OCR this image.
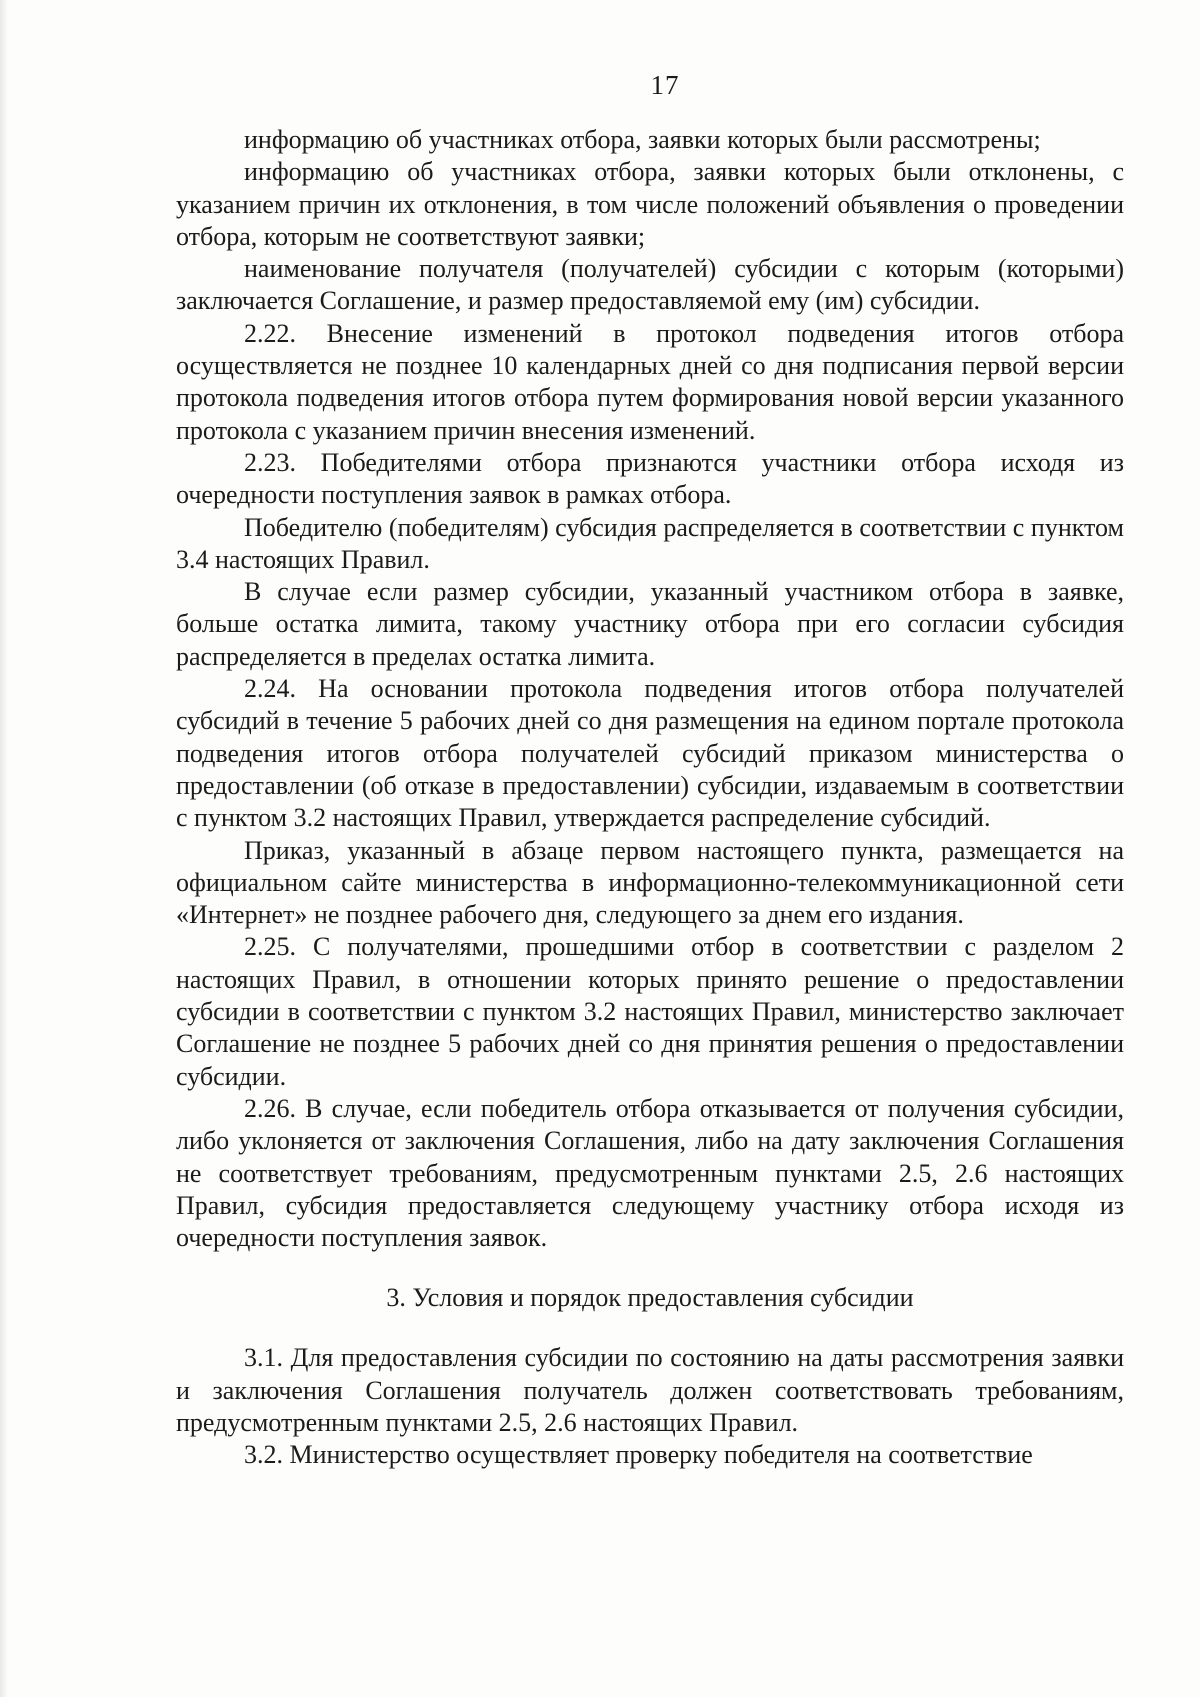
17

информацию об участниках отбора, заявки которых были рассмотрены;

информацию об участниках отбора, заявки которых были отклонены, с указанием причин их отклонения, в том числе положений объявления о проведении отбора, которым не соответствуют заявки;

наименование получателя (получателей) субсидии с которым (которыми) заключается Соглашение, и размер предоставляемой ему (им) субсидии.

2.22. Внесение изменений в протокол подведения итогов отбора осуществляется не позднее 10 календарных дней со дня подписания первой версии протокола подведения итогов отбора путем формирования новой версии указанного протокола с указанием причин внесения изменений.

2.23. Победителями отбора признаются участники отбора исходя из очередности поступления заявок в рамках отбора.

Победителю (победителям) субсидия распределяется в соответствии с пунктом 3.4 настоящих Правил.

В случае если размер субсидии, указанный участником отбора в заявке, больше остатка лимита, такому участнику отбора при его согласии субсидия распределяется в пределах остатка лимита.

2.24. На основании протокола подведения итогов отбора получателей субсидий в течение 5 рабочих дней со дня размещения на едином портале протокола подведения итогов отбора получателей субсидий приказом министерства о предоставлении (об отказе в предоставлении) субсидии, издаваемым в соответствии с пунктом 3.2 настоящих Правил, утверждается распределение субсидий.

Приказ, указанный в абзаце первом настоящего пункта, размещается на официальном сайте министерства в информационно-телекоммуникационной сети «Интернет» не позднее рабочего дня, следующего за днем его издания.

2.25. С получателями, прошедшими отбор в соответствии с разделом 2 настоящих Правил, в отношении которых принято решение о предоставлении субсидии в соответствии с пунктом 3.2 настоящих Правил, министерство заключает Соглашение не позднее 5 рабочих дней со дня принятия решения о предоставлении субсидии.

2.26. В случае, если победитель отбора отказывается от получения субсидии, либо уклоняется от заключения Соглашения, либо на дату заключения Соглашения не соответствует требованиям, предусмотренным пунктами 2.5, 2.6 настоящих Правил, субсидия предоставляется следующему участнику отбора исходя из очередности поступления заявок.

3. Условия и порядок предоставления субсидии

3.1. Для предоставления субсидии по состоянию на даты рассмотрения заявки и заключения Соглашения получатель должен соответствовать требованиям, предусмотренным пунктами 2.5, 2.6 настоящих Правил.

3.2. Министерство осуществляет проверку победителя на соответствие
